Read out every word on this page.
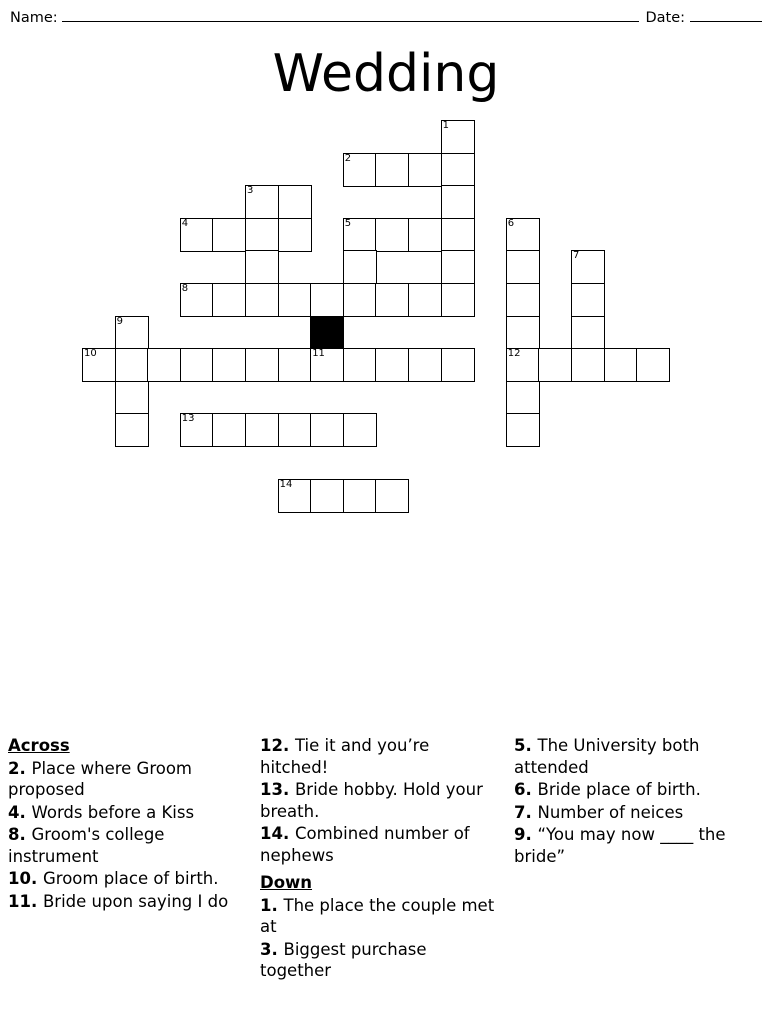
Name:	Date:
Wedding
1
2
3
4	5	6
7
8
9
10	11	12
13
14
Across
2. Place where Groom proposed
4. Words before a Kiss
8. Groom's college instrument
10. Groom place of birth.
11. Bride upon saying I do
12. Tie it and you’re hitched!
13. Bride hobby. Hold your breath.
14. Combined number of nephews
Down
1. The place the couple met at
3. Biggest purchase together
5. The University both attended
6. Bride place of birth.
7. Number of neices
9. “You may now ____ the bride”
